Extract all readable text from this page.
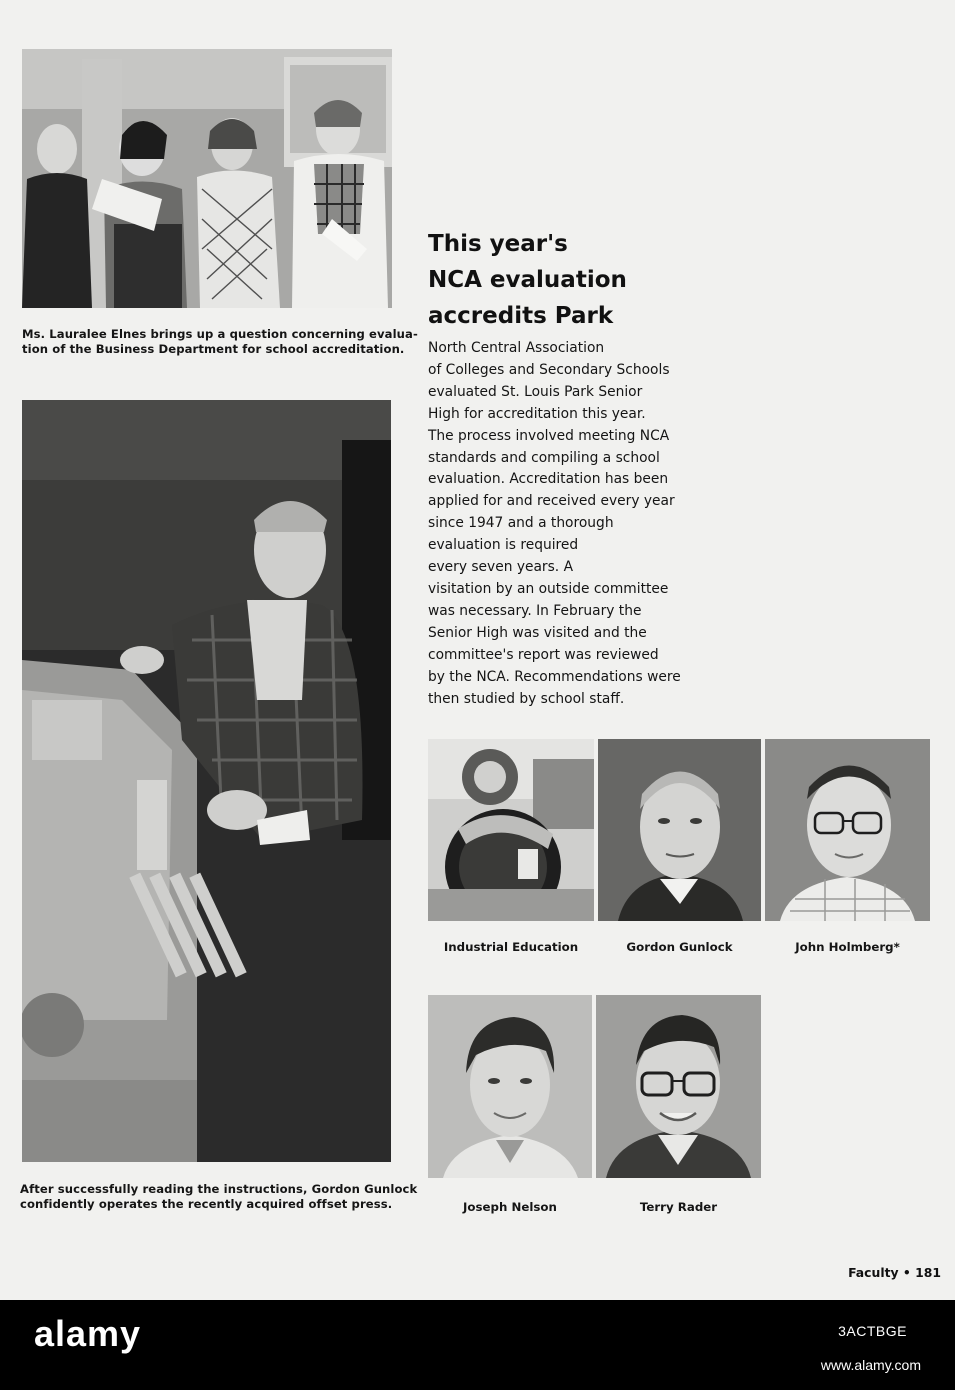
Ms. Lauralee Elnes brings up a question concerning evalua-
tion of the Business Department for school accreditation.
This year's
NCA evaluation
accredits Park
North Central Association
of Colleges and Secondary Schools
evaluated St. Louis Park Senior
High for accreditation this year.
The process involved meeting NCA
standards and compiling a school
evaluation. Accreditation has been
applied for and received every year
since 1947 and a thorough
evaluation is required
every seven years. A
visitation by an outside committee
was necessary. In February the
Senior High was visited and the
committee's report was reviewed
by the NCA. Recommendations were
then studied by school staff.
After successfully reading the instructions, Gordon Gunlock
confidently operates the recently acquired offset press.
Industrial Education	Gordon Gunlock	John Holmberg*
Joseph Nelson	Terry Rader
Faculty • 181
alamy	3ACTBGE
www.alamy.com
